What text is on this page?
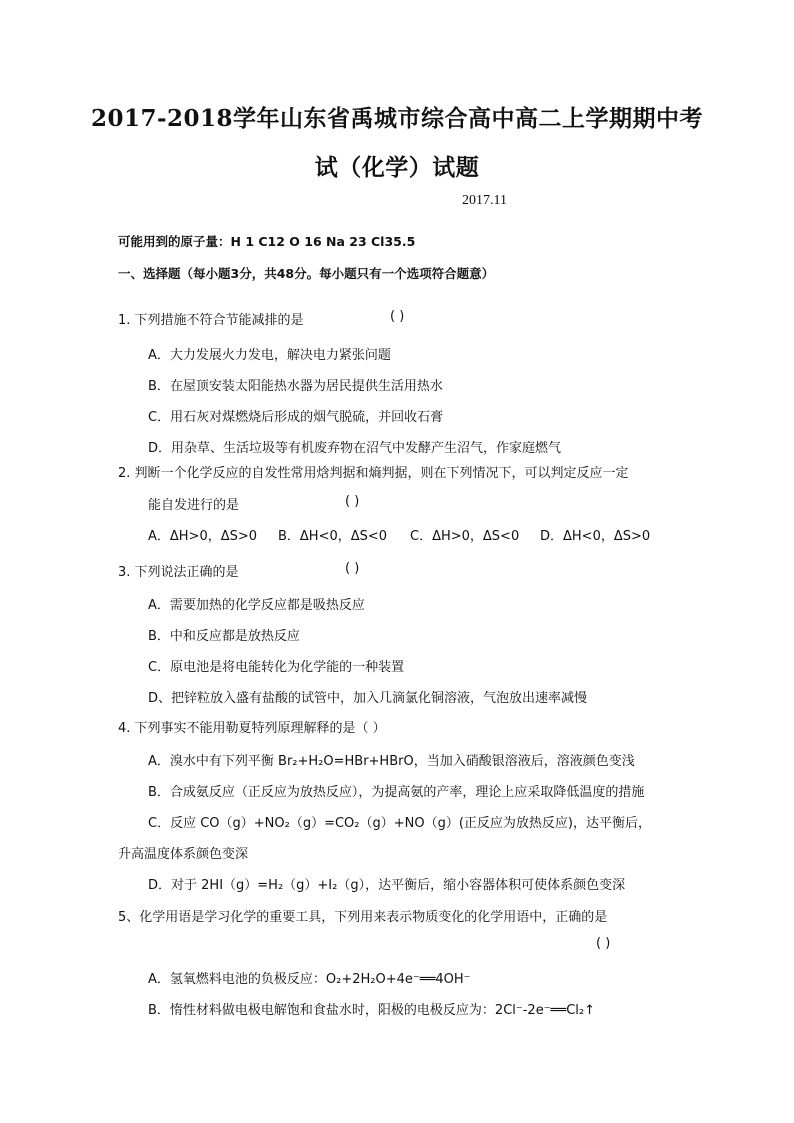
2017-2018学年山东省禹城市综合高中高二上学期期中考
试（化学）试题
2017.11
可能用到的原子量：H 1 C12 O 16 Na 23 Cl35.5
一、选择题（每小题3分，共48分。每小题只有一个选项符合题意）
1. 下列措施不符合节能减排的是	( )
A．大力发展火力发电，解决电力紧张问题
B．在屋顶安装太阳能热水器为居民提供生活用热水
C．用石灰对煤燃烧后形成的烟气脱硫，并回收石膏
D．用杂草、生活垃圾等有机废弃物在沼气中发酵产生沼气，作家庭燃气
2. 判断一个化学反应的自发性常用焓判据和熵判据，则在下列情况下，可以判定反应一定
能自发进行的是	( )
A．ΔH>0，ΔS>0 B．ΔH<0，ΔS<0 C．ΔH>0，ΔS<0 D．ΔH<0，ΔS>0
3. 下列说法正确的是	( )
A．需要加热的化学反应都是吸热反应
B．中和反应都是放热反应
C．原电池是将电能转化为化学能的一种装置
D、把锌粒放入盛有盐酸的试管中，加入几滴氯化铜溶液，气泡放出速率减慢
4. 下列事实不能用勒夏特列原理解释的是（ ）
A．溴水中有下列平衡 Br₂+H₂O=HBr+HBrO，当加入硝酸银溶液后，溶液颜色变浅
B．合成氨反应（正反应为放热反应），为提高氨的产率，理论上应采取降低温度的措施
C．反应 CO（g）+NO₂（g）=CO₂（g）+NO（g）(正反应为放热反应)，达平衡后，
升高温度体系颜色变深
D．对于 2HI（g）=H₂（g）+I₂（g），达平衡后，缩小容器体积可使体系颜色变深
5、化学用语是学习化学的重要工具，下列用来表示物质变化的化学用语中，正确的是
( )
A．氢氧燃料电池的负极反应：O₂+2H₂O+4e⁻══4OH⁻
B．惰性材料做电极电解饱和食盐水时，阳极的电极反应为：2Cl⁻-2e⁻══Cl₂↑
